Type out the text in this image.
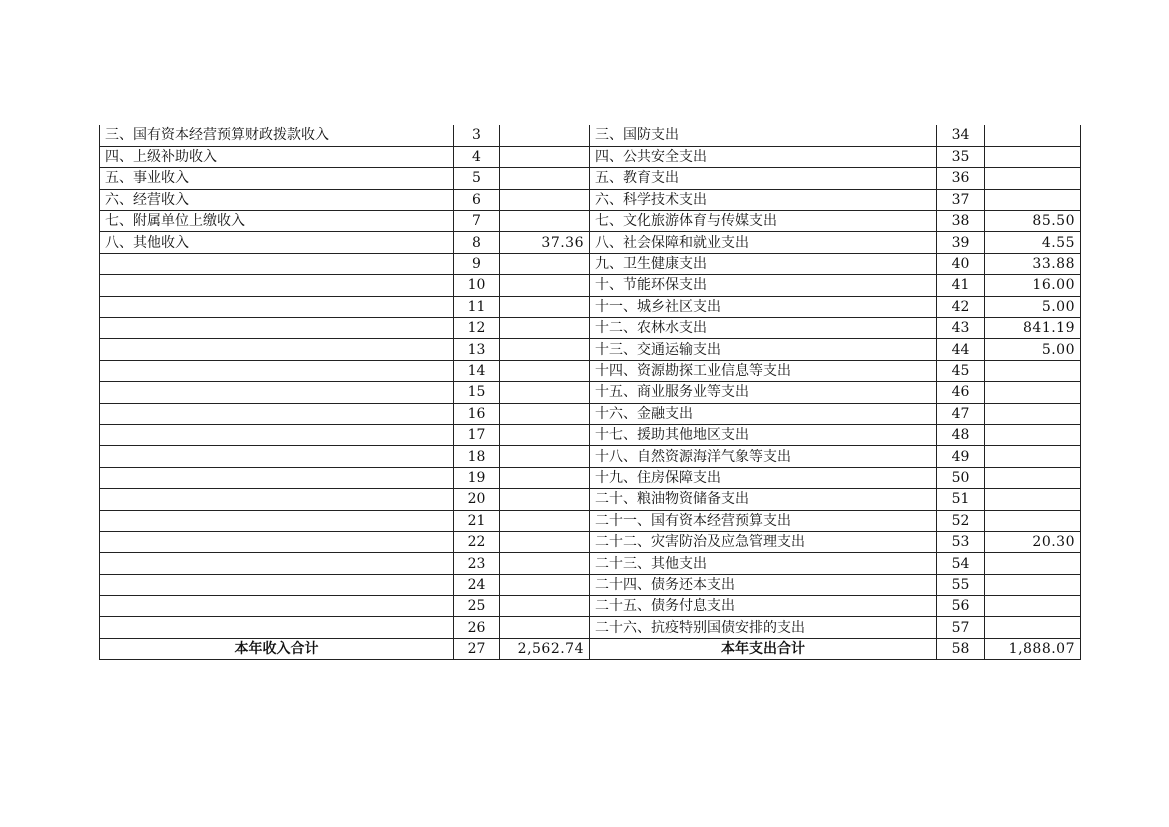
三、国有资本经营预算财政拨款收入	3		三、国防支出	34	
四、上级补助收入	4		四、公共安全支出	35	
五、事业收入	5		五、教育支出	36	
六、经营收入	6		六、科学技术支出	37	
七、附属单位上缴收入	7		七、文化旅游体育与传媒支出	38	85.50
八、其他收入	8	37.36	八、社会保障和就业支出	39	4.55
	9		九、卫生健康支出	40	33.88
	10		十、节能环保支出	41	16.00
	11		十一、城乡社区支出	42	5.00
	12		十二、农林水支出	43	841.19
	13		十三、交通运输支出	44	5.00
	14		十四、资源勘探工业信息等支出	45	
	15		十五、商业服务业等支出	46	
	16		十六、金融支出	47	
	17		十七、援助其他地区支出	48	
	18		十八、自然资源海洋气象等支出	49	
	19		十九、住房保障支出	50	
	20		二十、粮油物资储备支出	51	
	21		二十一、国有资本经营预算支出	52	
	22		二十二、灾害防治及应急管理支出	53	20.30
	23		二十三、其他支出	54	
	24		二十四、债务还本支出	55	
	25		二十五、债务付息支出	56	
	26		二十六、抗疫特别国债安排的支出	57	
本年收入合计	27	2,562.74	本年支出合计	58	1,888.07
